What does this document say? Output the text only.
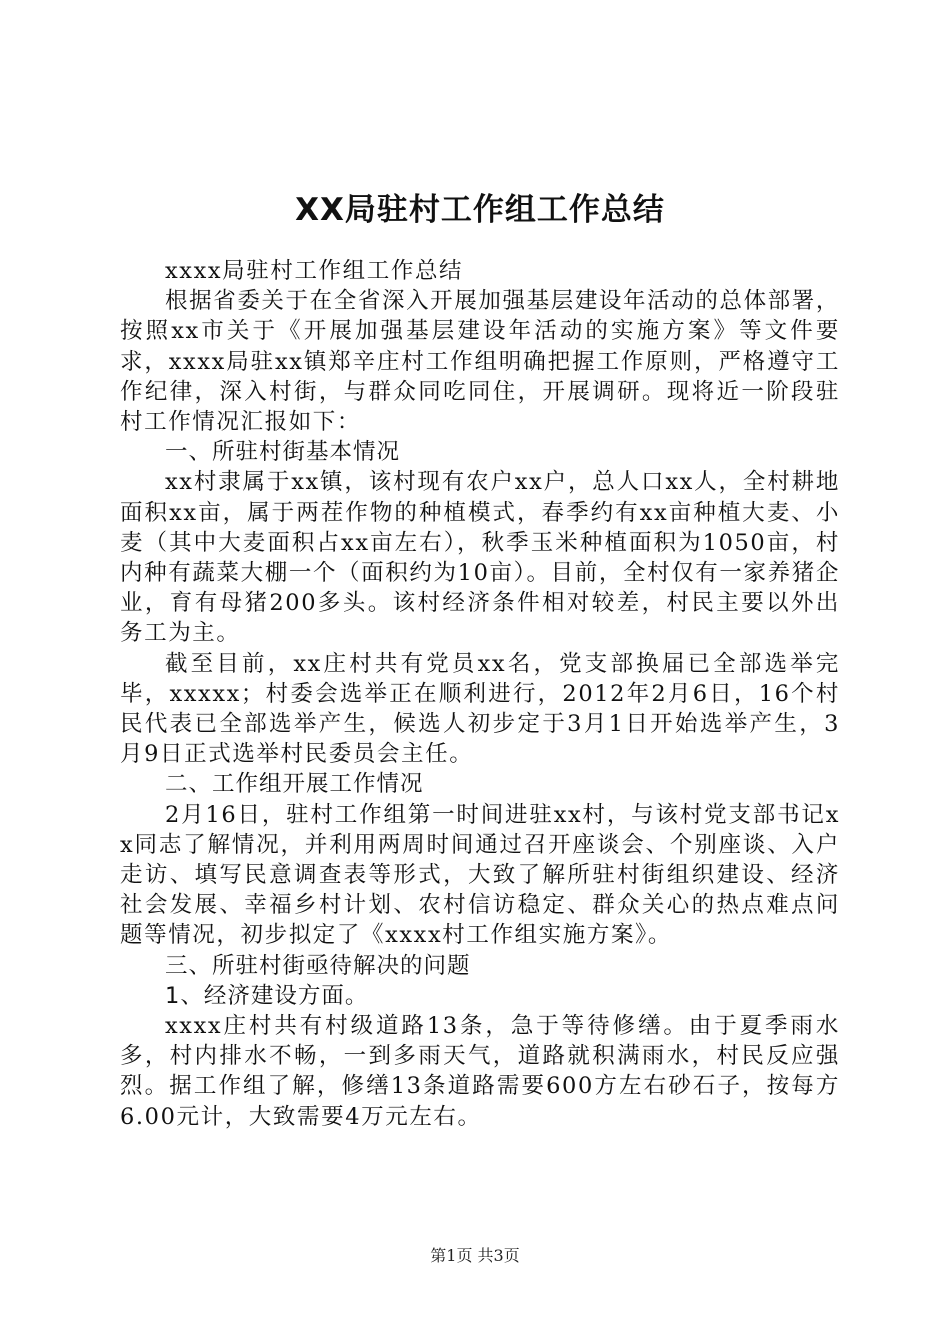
XX局驻村工作组工作总结

xxxx局驻村工作组工作总结

根据省委关于在全省深入开展加强基层建设年活动的总体部署，按照xx市关于《开展加强基层建设年活动的实施方案》等文件要求，xxxx局驻xx镇郑辛庄村工作组明确把握工作原则，严格遵守工作纪律，深入村街，与群众同吃同住，开展调研。现将近一阶段驻村工作情况汇报如下：

一、所驻村街基本情况

xx村隶属于xx镇，该村现有农户xx户，总人口xx人，全村耕地面积xx亩，属于两茬作物的种植模式，春季约有xx亩种植大麦、小麦（其中大麦面积占xx亩左右），秋季玉米种植面积为1050亩，村内种有蔬菜大棚一个（面积约为10亩）。目前，全村仅有一家养猪企业，育有母猪200多头。该村经济条件相对较差，村民主要以外出务工为主。

截至目前，xx庄村共有党员xx名，党支部换届已全部选举完毕，xxxxx；村委会选举正在顺利进行，2012年2月6日，16个村民代表已全部选举产生，候选人初步定于3月1日开始选举产生，3月9日正式选举村民委员会主任。

二、工作组开展工作情况

2月16日，驻村工作组第一时间进驻xx村，与该村党支部书记xx同志了解情况，并利用两周时间通过召开座谈会、个别座谈、入户走访、填写民意调查表等形式，大致了解所驻村街组织建设、经济社会发展、幸福乡村计划、农村信访稳定、群众关心的热点难点问题等情况，初步拟定了《xxxx村工作组实施方案》。

三、所驻村街亟待解决的问题

1、经济建设方面。

xxxx庄村共有村级道路13条，急于等待修缮。由于夏季雨水多，村内排水不畅，一到多雨天气，道路就积满雨水，村民反应强烈。据工作组了解，修缮13条道路需要600方左右砂石子，按每方6.00元计，大致需要4万元左右。

第1页 共3页
